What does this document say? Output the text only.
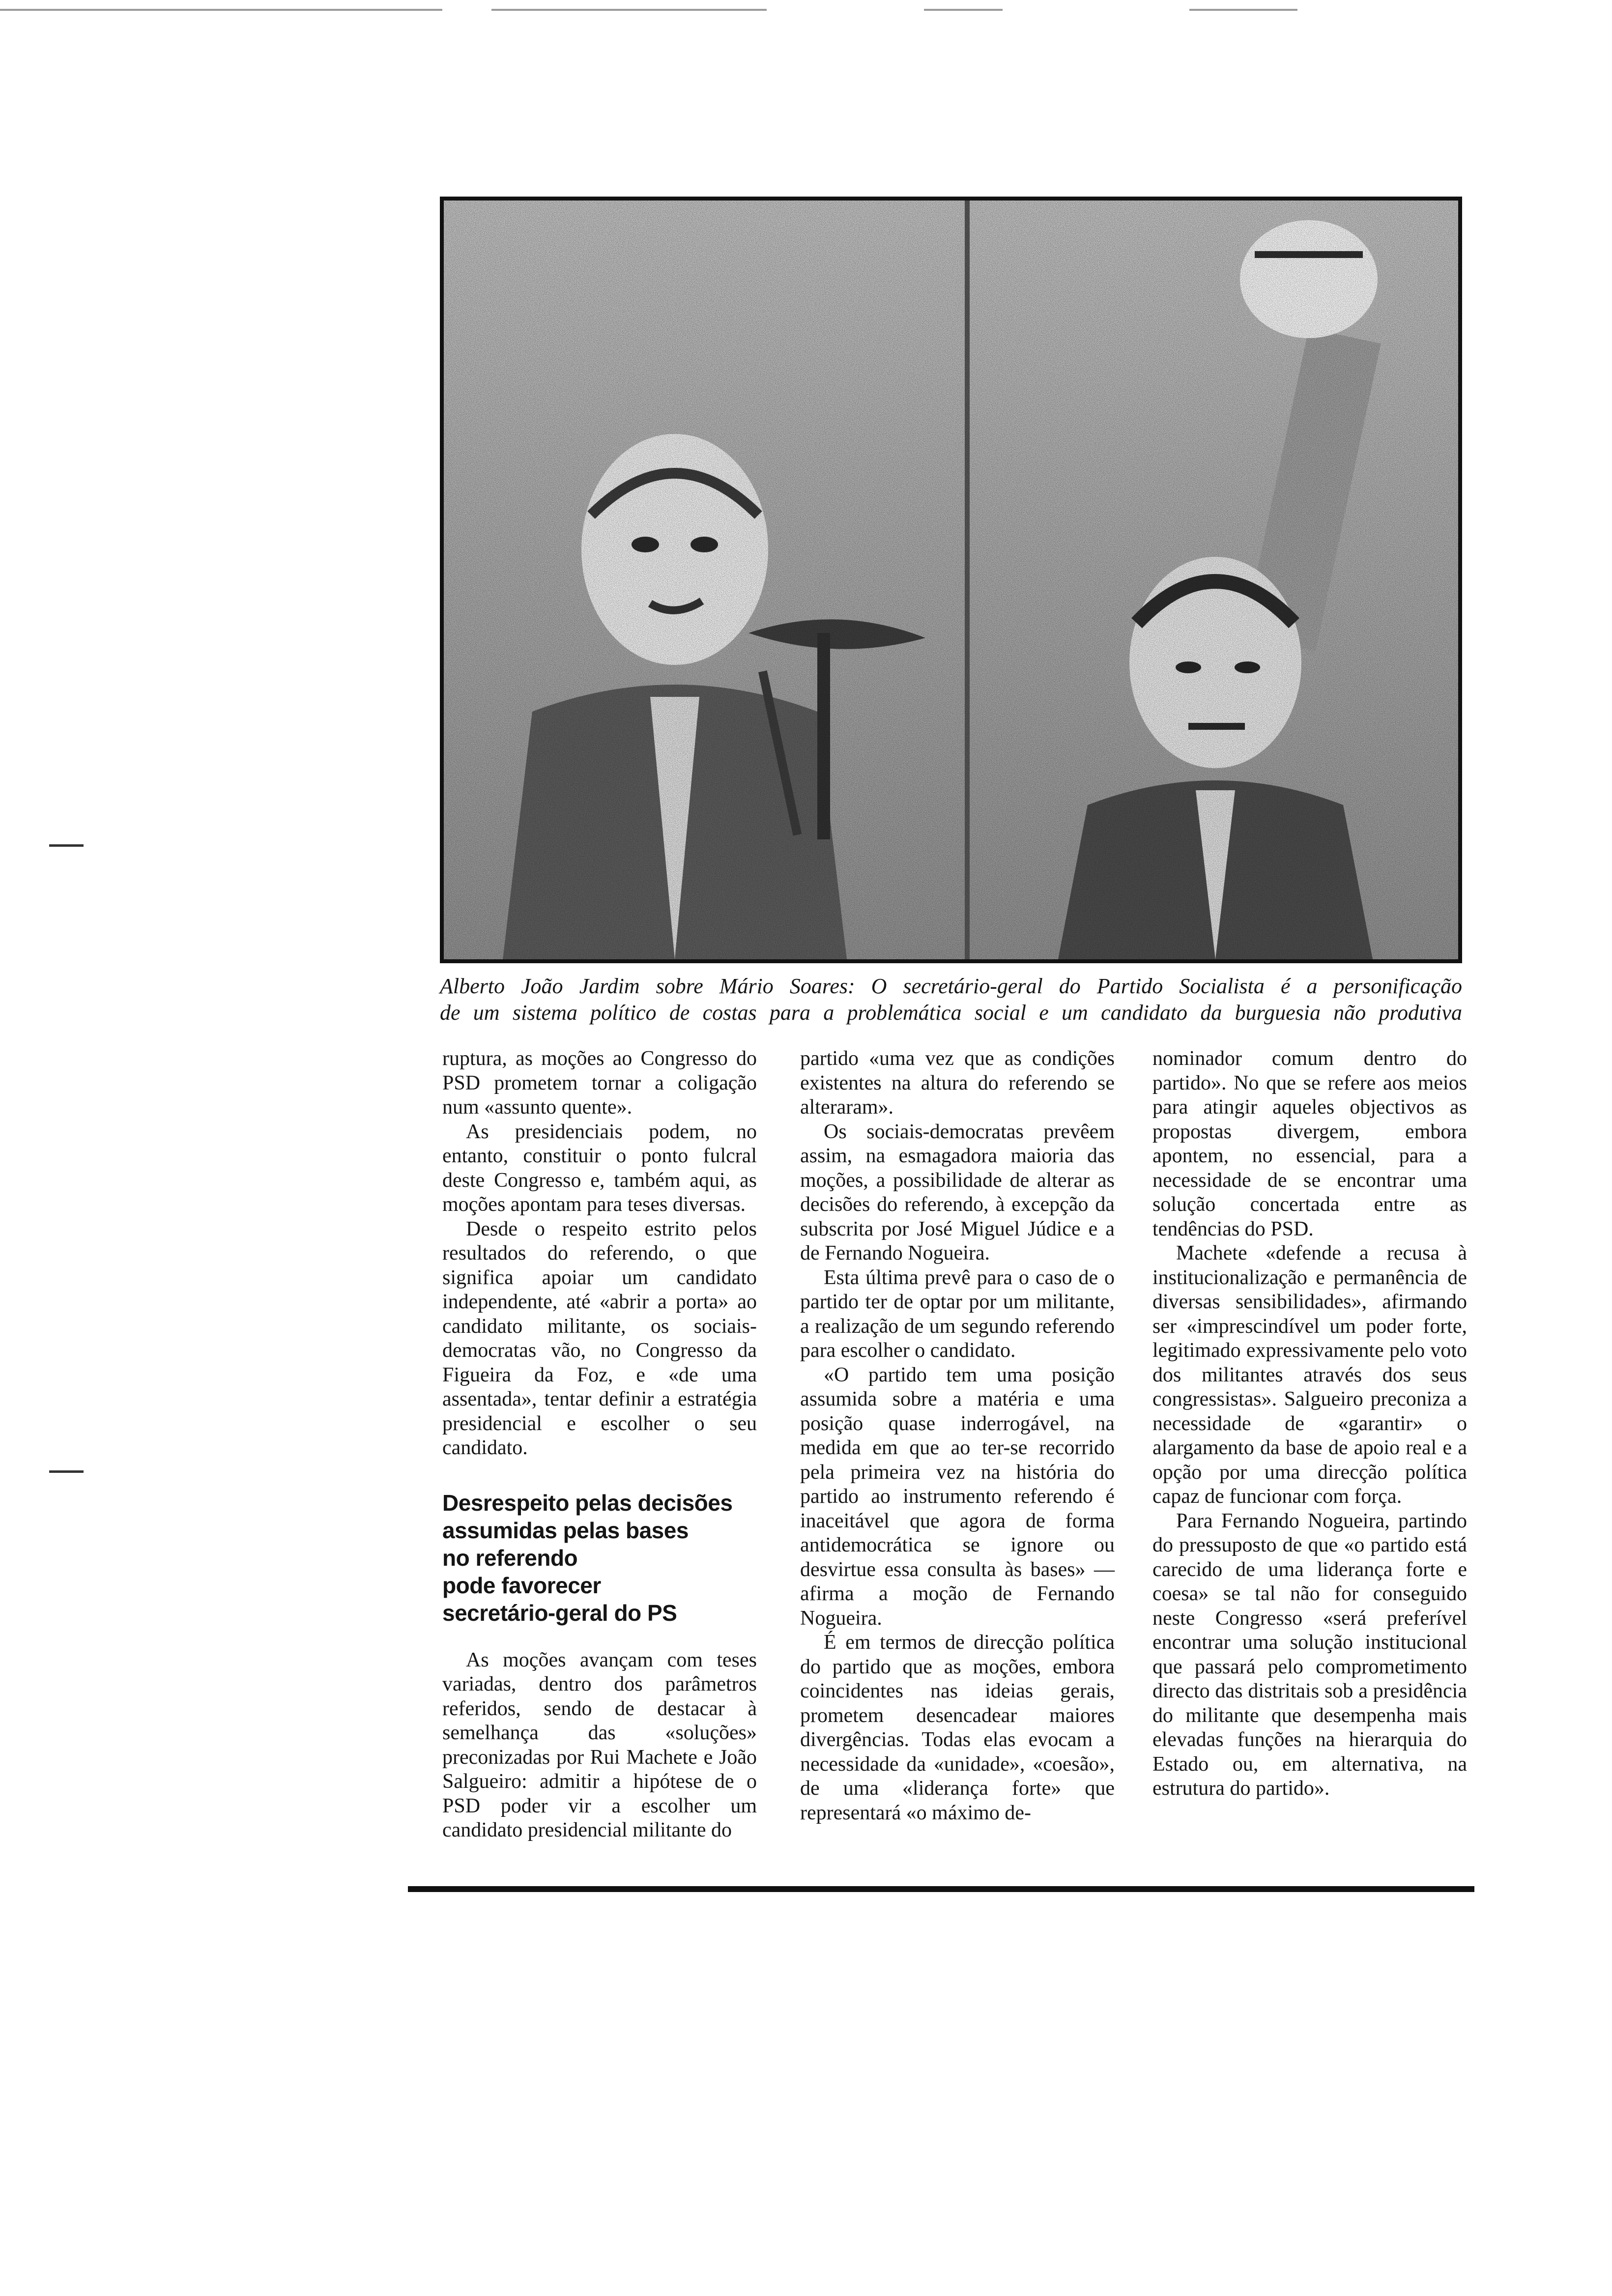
Alberto João Jardim sobre Mário Soares: O secretário-geral do Partido Socialista é a personificação
de um sistema político de costas para a problemática social e um candidato da burguesia não produtiva

ruptura, as moções ao Congresso do PSD prometem tornar a coligação num «assunto quente».

As presidenciais podem, no entanto, constituir o ponto fulcral deste Congresso e, também aqui, as moções apontam para teses diversas.

Desde o respeito estrito pelos resultados do referendo, o que significa apoiar um candidato independente, até «abrir a porta» ao candidato militante, os sociais-democratas vão, no Congresso da Figueira da Foz, e «de uma assentada», tentar definir a estratégia presidencial e escolher o seu candidato.

Desrespeito pelas decisões
assumidas pelas bases
no referendo
pode favorecer
secretário-geral do PS

As moções avançam com teses variadas, dentro dos parâmetros referidos, sendo de destacar à semelhança das «soluções» preconizadas por Rui Machete e João Salgueiro: admitir a hipótese de o PSD poder vir a escolher um candidato presidencial militante do

partido «uma vez que as condições existentes na altura do referendo se alteraram».

Os sociais-democratas prevêem assim, na esmagadora maioria das moções, a possibilidade de alterar as decisões do referendo, à excepção da subscrita por José Miguel Júdice e a de Fernando Nogueira.

Esta última prevê para o caso de o partido ter de optar por um militante, a realização de um segundo referendo para escolher o candidato.

«O partido tem uma posição assumida sobre a matéria e uma posição quase inderrogável, na medida em que ao ter-se recorrido pela primeira vez na história do partido ao instrumento referendo é inaceitável que agora de forma antidemocrática se ignore ou desvirtue essa consulta às bases» — afirma a moção de Fernando Nogueira.

É em termos de direcção política do partido que as moções, embora coincidentes nas ideias gerais, prometem desencadear maiores divergências. Todas elas evocam a necessidade da «unidade», «coesão», de uma «liderança forte» que representará «o máximo de-

nominador comum dentro do partido». No que se refere aos meios para atingir aqueles objectivos as propostas divergem, embora apontem, no essencial, para a necessidade de se encontrar uma solução concertada entre as tendências do PSD.

Machete «defende a recusa à institucionalização e permanência de diversas sensibilidades», afirmando ser «imprescindível um poder forte, legitimado expressivamente pelo voto dos militantes através dos seus congressistas». Salgueiro preconiza a necessidade de «garantir» o alargamento da base de apoio real e a opção por uma direcção política capaz de funcionar com força.

Para Fernando Nogueira, partindo do pressuposto de que «o partido está carecido de uma liderança forte e coesa» se tal não for conseguido neste Congresso «será preferível encontrar uma solução institucional que passará pelo comprometimento directo das distritais sob a presidência do militante que desempenha mais elevadas funções na hierarquia do Estado ou, em alternativa, na estrutura do partido».
